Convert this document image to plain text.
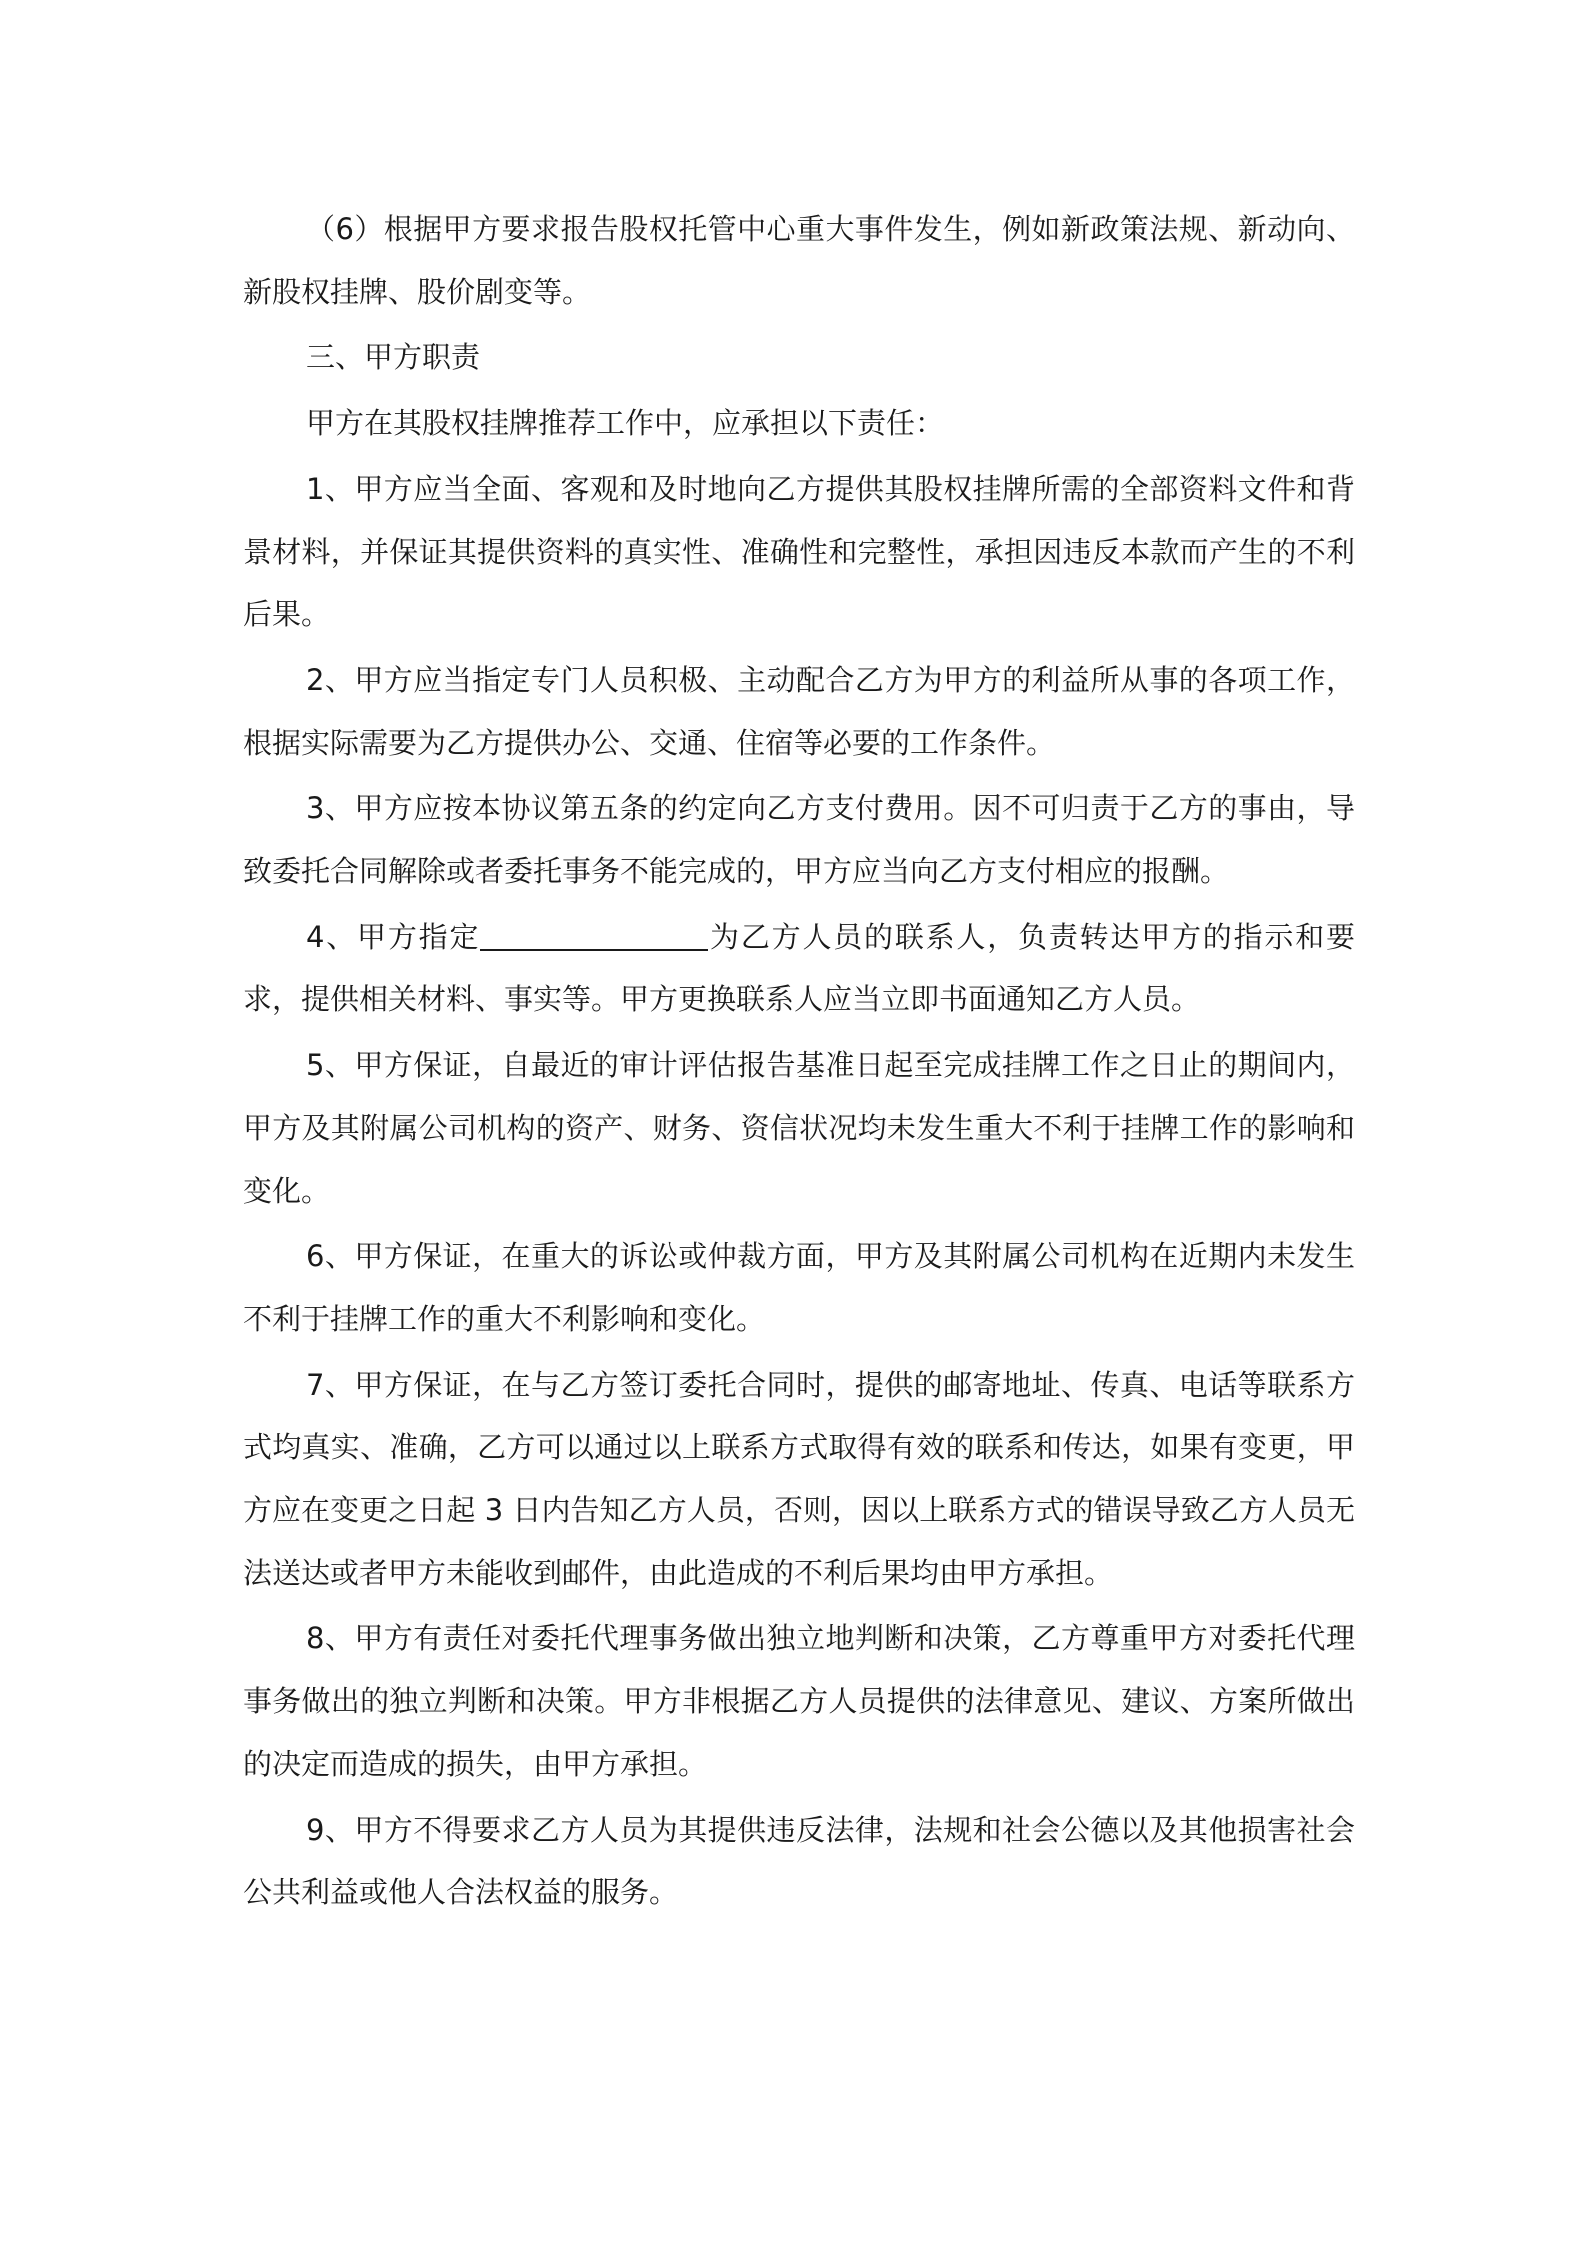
（6）根据甲方要求报告股权托管中心重大事件发生，例如新政策法规、新动向、新股权挂牌、股价剧变等。

三、甲方职责

甲方在其股权挂牌推荐工作中，应承担以下责任：

1、甲方应当全面、客观和及时地向乙方提供其股权挂牌所需的全部资料文件和背景材料，并保证其提供资料的真实性、准确性和完整性，承担因违反本款而产生的不利后果。

2、甲方应当指定专门人员积极、主动配合乙方为甲方的利益所从事的各项工作，根据实际需要为乙方提供办公、交通、住宿等必要的工作条件。

3、甲方应按本协议第五条的约定向乙方支付费用。因不可归责于乙方的事由，导致委托合同解除或者委托事务不能完成的，甲方应当向乙方支付相应的报酬。

4、甲方指定	为乙方人员的联系人，负责转达甲方的指示和要求，提供相关材料、事实等。甲方更换联系人应当立即书面通知乙方人员。

5、甲方保证，自最近的审计评估报告基准日起至完成挂牌工作之日止的期间内，甲方及其附属公司机构的资产、财务、资信状况均未发生重大不利于挂牌工作的影响和 变化。

6、甲方保证，在重大的诉讼或仲裁方面，甲方及其附属公司机构在近期内未发生不利于挂牌工作的重大不利影响和变化。

7、甲方保证，在与乙方签订委托合同时，提供的邮寄地址、传真、电话等联系方式均真实、准确，乙方可以通过以上联系方式取得有效的联系和传达，如果有变更，甲方应在变更之日起 3 日内告知乙方人员，否则，因以上联系方式的错误导致乙方人员无法送达或者甲方未能收到邮件，由此造成的不利后果均由甲方承担。

8、甲方有责任对委托代理事务做出独立地判断和决策，乙方尊重甲方对委托代理事务做出的独立判断和决策。甲方非根据乙方人员提供的法律意见、建议、方案所做出的决定而造成的损失，由甲方承担。

9、甲方不得要求乙方人员为其提供违反法律，法规和社会公德以及其他损害社会公共利益或他人合法权益的服务。
